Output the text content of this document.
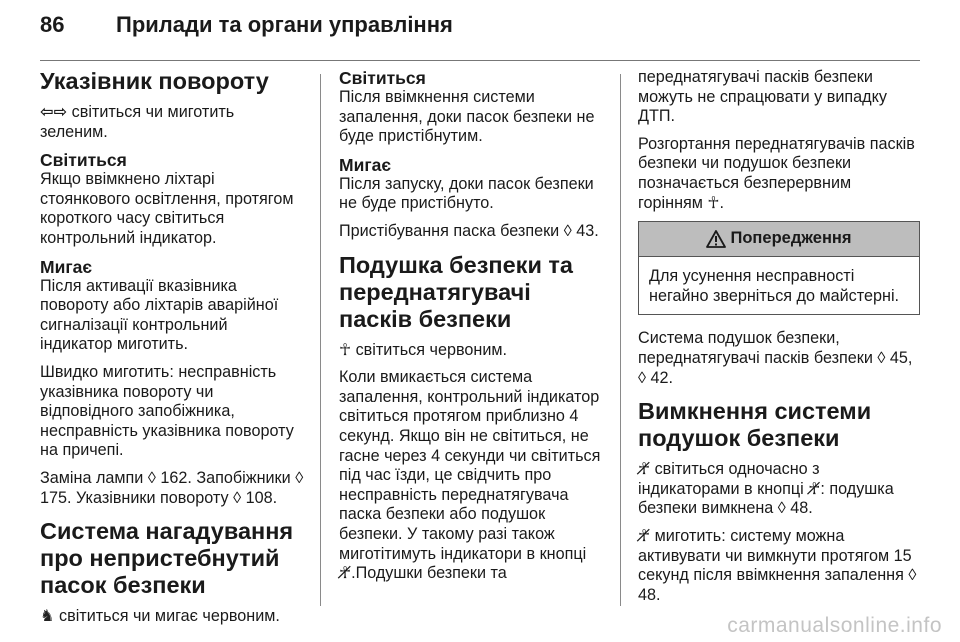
86	Прилади та органи управління
Указівник повороту

⇦⇨ світиться чи миготить зеленим.

Світиться

Якщо ввімкнено ліхтарі стоянкового освітлення, протягом короткого часу світиться контрольний індикатор.

Мигає

Після активації вказівника повороту або ліхтарів аварійної сигналізації контрольний індикатор миготить.

Швидко миготить: несправність указівника повороту чи відповідного запобіжника, несправність указівника повороту на причепі.

Заміна лампи ◊ 162. Запобіжники ◊ 175. Указівники повороту ◊ 108.

Система нагадування про непристебнутий пасок безпеки

♞ світиться чи мигає червоним.

Світиться

Після ввімкнення системи запалення, доки пасок безпеки не буде пристібнутим.

Мигає

Після запуску, доки пасок безпеки не буде пристібнуто.

Пристібування паска безпеки ◊ 43.

Подушка безпеки та переднатягувачі пасків безпеки

☥ світиться червоним.

Коли вмикається система запалення, контрольний індикатор світиться протягом приблизно 4 секунд. Якщо він не світиться, не гасне через 4 секунди чи світиться під час їзди, це свідчить про несправність переднатягувача паска безпеки або подушок безпеки. У такому разі також миготітимуть індикатори в кнопці ☥̸.Подушки безпеки та

переднатягувачі пасків безпеки можуть не спрацювати у випадку ДТП.

Розгортання переднатягувачів пасків безпеки чи подушок безпеки позначається безперервним горінням ☥.

Попередження
Для усунення несправності негайно зверніться до майстерні.

Система подушок безпеки, переднатягувачі пасків безпеки ◊ 45, ◊ 42.

Вимкнення системи подушок безпеки

☥̸ світиться одночасно з індикаторами в кнопці ☥̸: подушка безпеки вимкнена ◊ 48.

☥̸ миготить: систему можна активувати чи вимкнути протягом 15 секунд після ввімкнення запалення ◊ 48.

carmanualsonline.info
